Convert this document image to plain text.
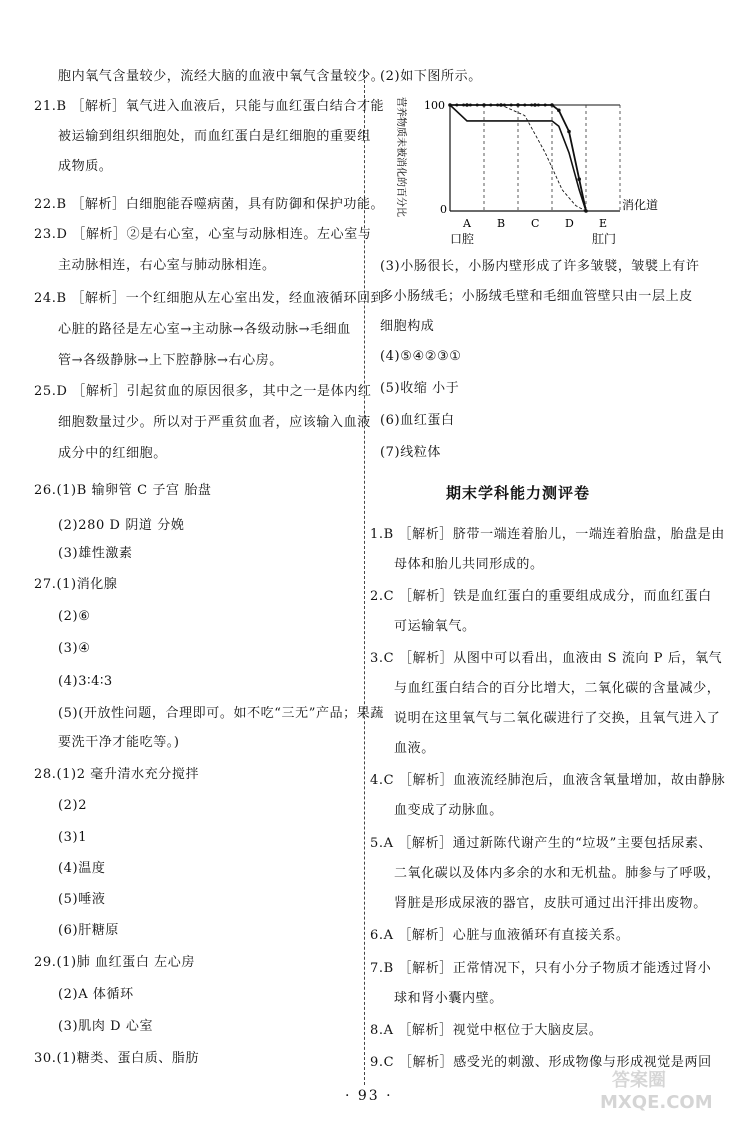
胞内氧气含量较少，流经大脑的血液中氧气含量较少。
21.B ［解析］氧气进入血液后，只能与血红蛋白结合才能
被运输到组织细胞处，而血红蛋白是红细胞的重要组
成物质。
22.B ［解析］白细胞能吞噬病菌，具有防御和保护功能。
23.D ［解析］②是右心室，心室与动脉相连。左心室与
主动脉相连，右心室与肺动脉相连。
24.B ［解析］一个红细胞从左心室出发，经血液循环回到
心脏的路径是左心室→主动脉→各级动脉→毛细血
管→各级静脉→上下腔静脉→右心房。
25.D ［解析］引起贫血的原因很多，其中之一是体内红
细胞数量过少。所以对于严重贫血者，应该输入血液
成分中的红细胞。
26.(1)B 输卵管 C 子宫 胎盘
(2)280 D 阴道 分娩
(3)雄性激素
27.(1)消化腺
(2)⑥
(3)④
(4)3∶4∶3
(5)(开放性问题，合理即可。如不吃“三无”产品；果蔬
要洗干净才能吃等。)
28.(1)2 毫升清水充分搅拌
(2)2
(3)1
(4)温度
(5)唾液
(6)肝糖原
29.(1)肺 血红蛋白 左心房
(2)A 体循环
(3)肌肉 D 心室
30.(1)糖类、蛋白质、脂肪
(2)如下图所示。
(3)小肠很长，小肠内壁形成了许多皱襞，皱襞上有许
多小肠绒毛；小肠绒毛壁和毛细血管壁只由一层上皮
细胞构成
(4)⑤④②③①
(5)收缩 小于
(6)血红蛋白
(7)线粒体
1.B ［解析］脐带一端连着胎儿，一端连着胎盘，胎盘是由
母体和胎儿共同形成的。
2.C ［解析］铁是血红蛋白的重要组成成分，而血红蛋白
可运输氧气。
3.C ［解析］从图中可以看出，血液由 S 流向 P 后，氧气
与血红蛋白结合的百分比增大，二氧化碳的含量减少，
说明在这里氧气与二氧化碳进行了交换，且氧气进入了
血液。
4.C ［解析］血液流经肺泡后，血液含氧量增加，故由静脉
血变成了动脉血。
5.A ［解析］通过新陈代谢产生的“垃圾”主要包括尿素、
二氧化碳以及体内多余的水和无机盐。肺参与了呼吸，
肾脏是形成尿液的器官，皮肤可通过出汗排出废物。
6.A ［解析］心脏与血液循环有直接关系。
7.B ［解析］正常情况下，只有小分子物质才能透过肾小
球和肾小囊内壁。
8.A ［解析］视觉中枢位于大脑皮层。
9.C ［解析］感受光的刺激、形成物像与形成视觉是两回
营养物质未被消化的百分比 100
0
A B C D E
消化道
口腔	肛门
期末学科能力测评卷
· 93 ·
答案圈
MXQE.COM
